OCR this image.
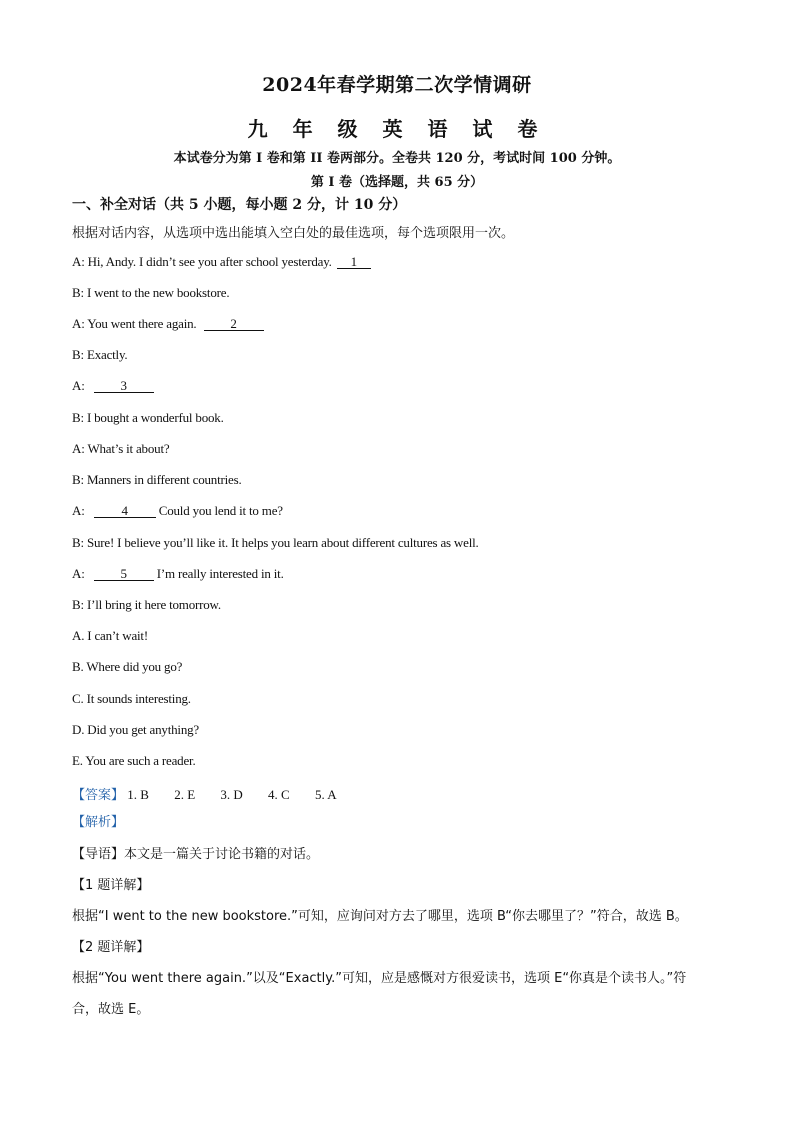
2024年春学期第二次学情调研
九 年 级 英 语 试 卷
本试卷分为第 I 卷和第 II 卷两部分。全卷共 120 分，考试时间 100 分钟。
第 I 卷（选择题，共 65 分）
一、补全对话（共 5 小题，每小题 2 分，计 10 分）
根据对话内容，从选项中选出能填入空白处的最佳选项，每个选项限用一次。
A: Hi, Andy. I didn’t see you after school yesterday. 1
B: I went to the new bookstore.
A: You went there again.	2
B: Exactly.
A:	3
B: I bought a wonderful book.
A: What’s it about?
B: Manners in different countries.
A:	4 Could you lend it to me?
B: Sure! I believe you’ll like it. It helps you learn about different cultures as well.
A:	5 I’m really interested in it.
B: I’ll bring it here tomorrow.
A. I can’t wait!
B. Where did you go?
C. It sounds interesting.
D. Did you get anything?
E. You are such a reader.
【答案】 1. B 2. E 3. D 4. C 5. A
【解析】
【导语】本文是一篇关于讨论书籍的对话。
【1 题详解】
根据“I went to the new bookstore.”可知，应询问对方去了哪里，选项 B“你去哪里了？”符合，故选 B。
【2 题详解】
根据“You went there again.”以及“Exactly.”可知，应是感慨对方很爱读书，选项 E“你真是个读书人。”符
合，故选 E。
